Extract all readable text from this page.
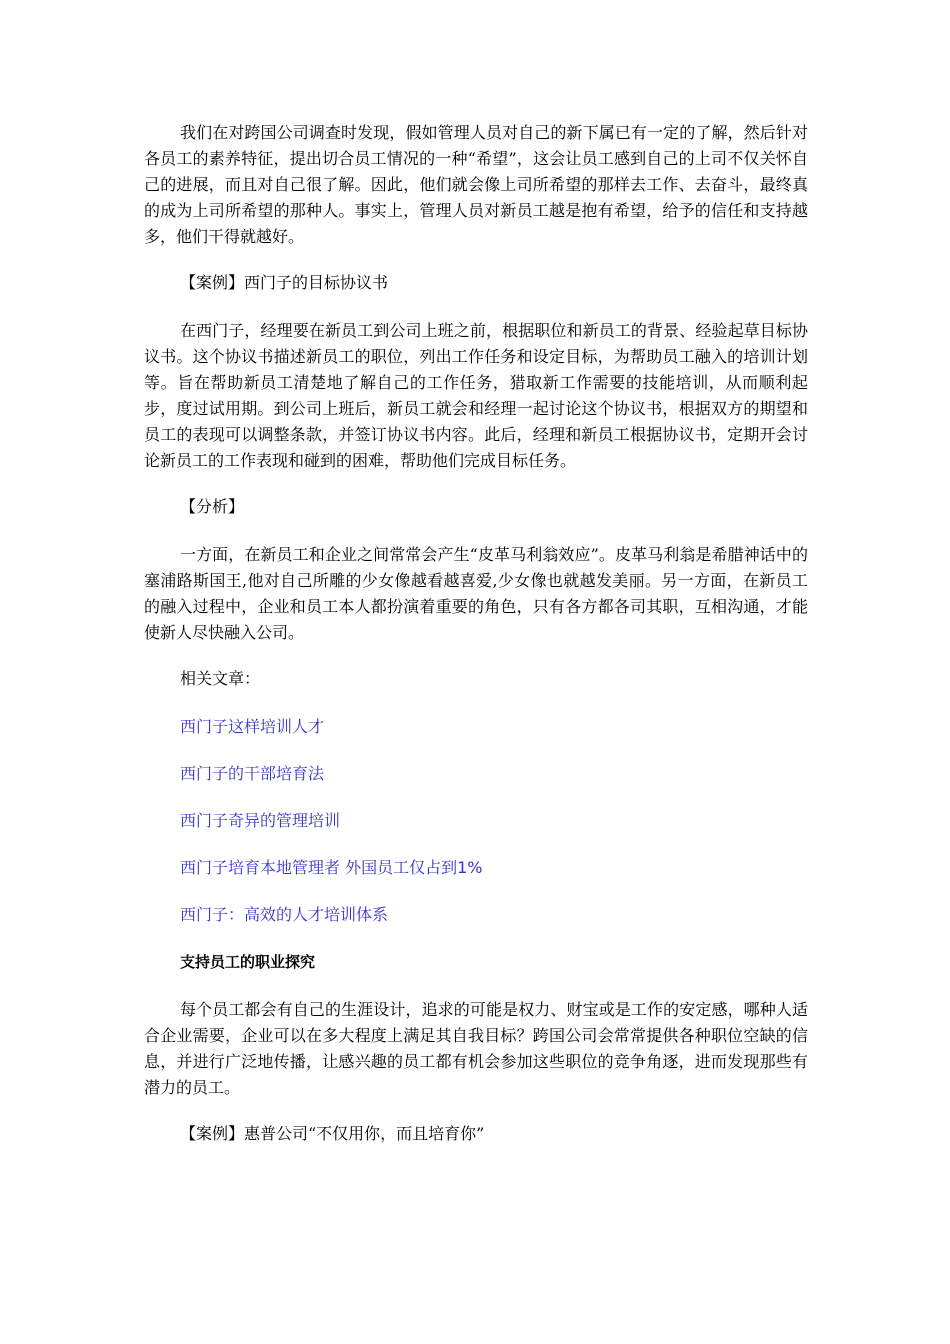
我们在对跨国公司调查时发现，假如管理人员对自己的新下属已有一定的了解，然后针对各员工的素养特征，提出切合员工情况的一种“希望”，这会让员工感到自己的上司不仅关怀自己的进展，而且对自己很了解。因此，他们就会像上司所希望的那样去工作、去奋斗，最终真的成为上司所希望的那种人。事实上，管理人员对新员工越是抱有希望，给予的信任和支持越多，他们干得就越好。

【案例】西门子的目标协议书

在西门子，经理要在新员工到公司上班之前，根据职位和新员工的背景、经验起草目标协议书。这个协议书描述新员工的职位，列出工作任务和设定目标，为帮助员工融入的培训计划等。旨在帮助新员工清楚地了解自己的工作任务，猎取新工作需要的技能培训，从而顺利起步，度过试用期。到公司上班后，新员工就会和经理一起讨论这个协议书，根据双方的期望和员工的表现可以调整条款，并签订协议书内容。此后，经理和新员工根据协议书，定期开会讨论新员工的工作表现和碰到的困难，帮助他们完成目标任务。

【分析】

一方面，在新员工和企业之间常常会产生“皮革马利翁效应”。皮革马利翁是希腊神话中的塞浦路斯国王,他对自己所雕的少女像越看越喜爱,少女像也就越发美丽。另一方面，在新员工的融入过程中，企业和员工本人都扮演着重要的角色，只有各方都各司其职，互相沟通，才能使新人尽快融入公司。

相关文章：

西门子这样培训人才

西门子的干部培育法

西门子奇异的管理培训

西门子培育本地管理者 外国员工仅占到1%

西门子：高效的人才培训体系

支持员工的职业探究

每个员工都会有自己的生涯设计，追求的可能是权力、财宝或是工作的安定感，哪种人适合企业需要，企业可以在多大程度上满足其自我目标？跨国公司会常常提供各种职位空缺的信息，并进行广泛地传播，让感兴趣的员工都有机会参加这些职位的竞争角逐，进而发现那些有潜力的员工。

【案例】惠普公司“不仅用你，而且培育你”
